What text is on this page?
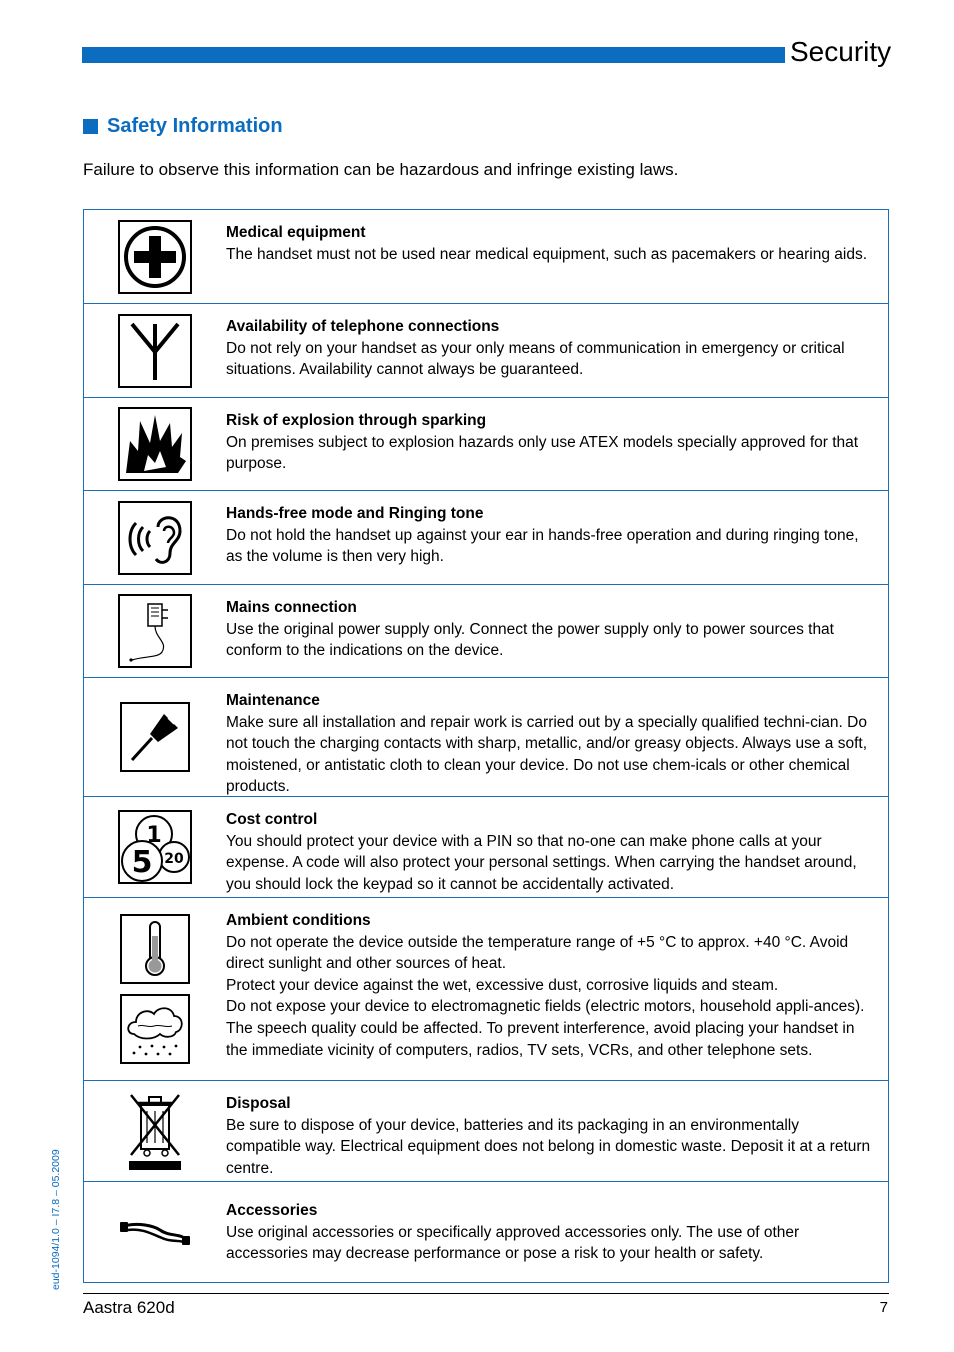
Security
Safety Information
Failure to observe this information can be hazardous and infringe existing laws.
Medical equipment
The handset must not be used near medical equipment, such as pacemakers or hearing aids.
Availability of telephone connections
Do not rely on your handset as your only means of communication in emergency or critical situations. Availability cannot always be guaranteed.
Risk of explosion through sparking
On premises subject to explosion hazards only use ATEX models specially approved for that purpose.
Hands-free mode and Ringing tone
Do not hold the handset up against your ear in hands-free operation and during ringing tone, as the volume is then very high.
Mains connection
Use the original power supply only. Connect the power supply only to power sources that conform to the indications on the device.
Maintenance
Make sure all installation and repair work is carried out by a specially qualified techni-cian. Do not touch the charging contacts with sharp, metallic, and/or greasy objects. Always use a soft, moistened, or antistatic cloth to clean your device. Do not use chem-icals or other chemical products.
1
20
5
Cost control
You should protect your device with a PIN so that no-one can make phone calls at your expense. A code will also protect your personal settings. When carrying the handset around, you should lock the keypad so it cannot be accidentally activated.
Ambient conditions
Do not operate the device outside the temperature range of +5 °C to approx. +40 °C. Avoid direct sunlight and other sources of heat.
Protect your device against the wet, excessive dust, corrosive liquids and steam.
Do not expose your device to electromagnetic fields (electric motors, household appli-ances). The speech quality could be affected. To prevent interference, avoid placing your handset in the immediate vicinity of computers, radios, TV sets, VCRs, and other telephone sets.
Disposal
Be sure to dispose of your device, batteries and its packaging in an environmentally compatible way. Electrical equipment does not belong in domestic waste. Deposit it at a return centre.
Accessories
Use original accessories or specifically approved accessories only. The use of other accessories may decrease performance or pose a risk to your health or safety.
Aastra 620d	7
eud-1094/1.0 – I7.8 – 05.2009
